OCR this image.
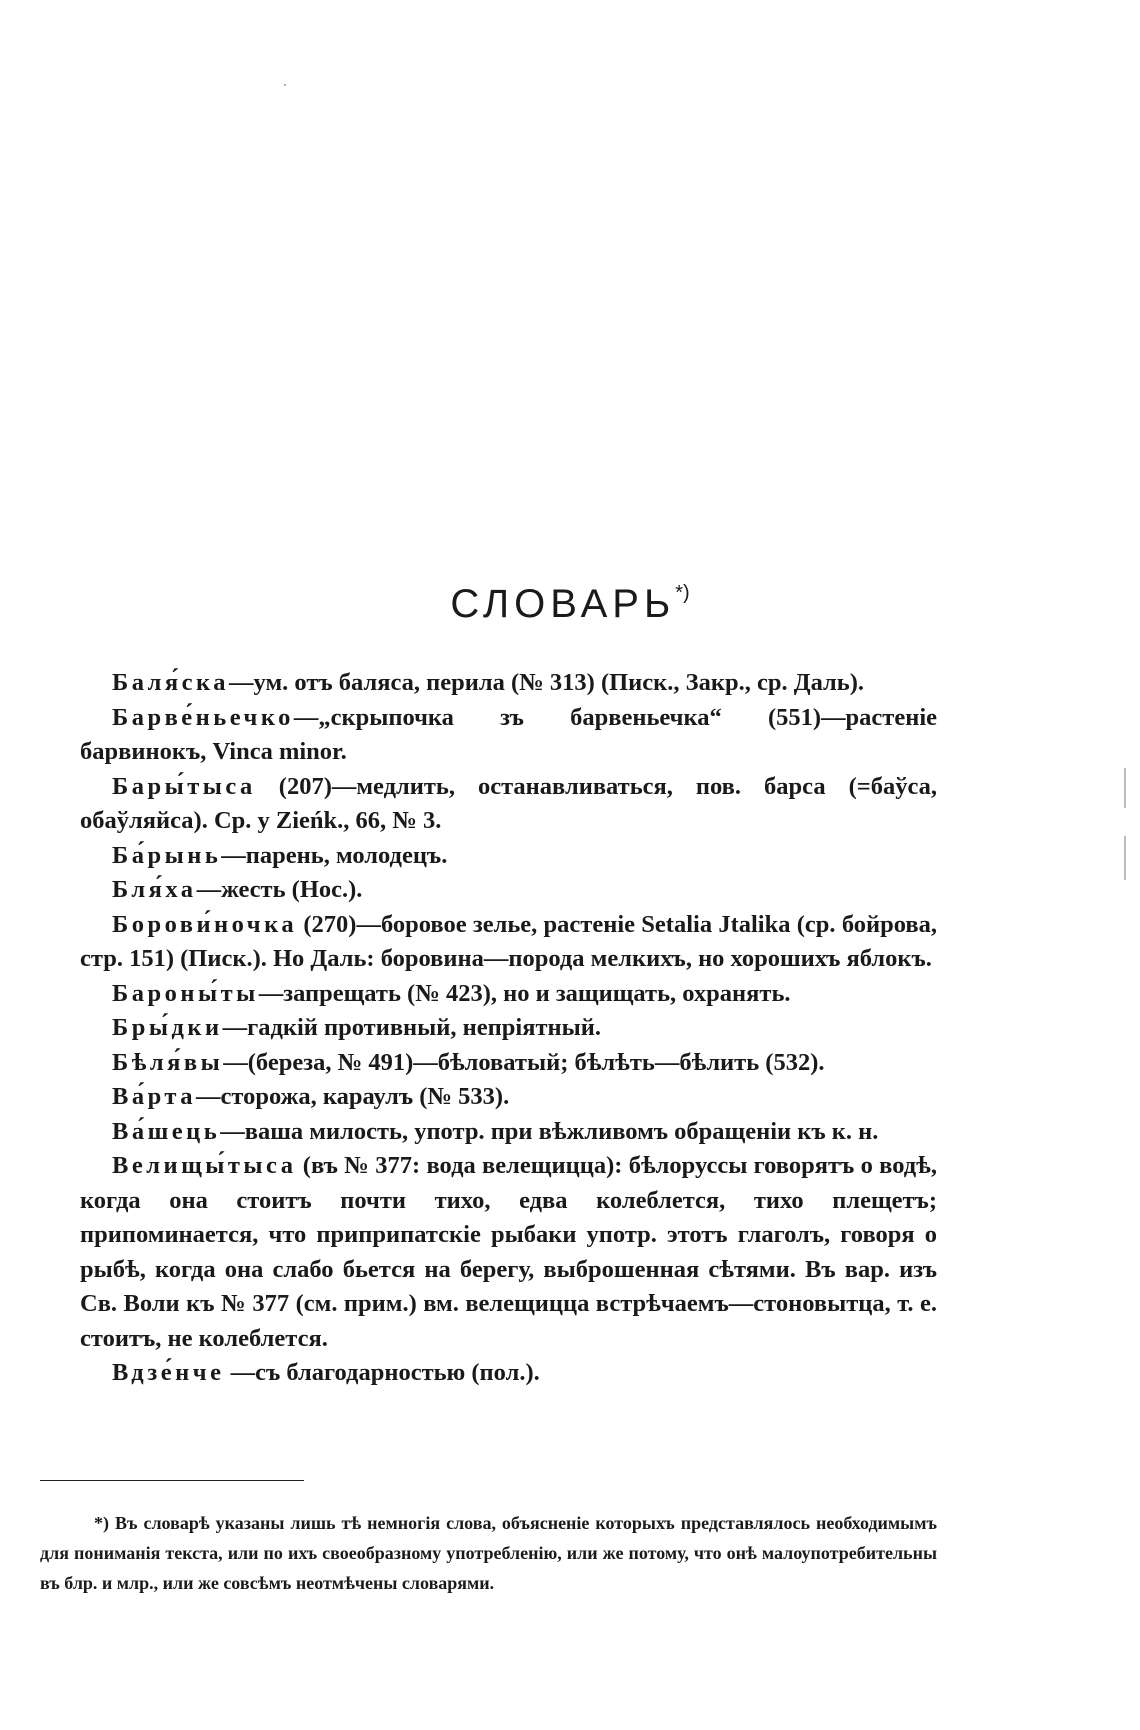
СЛОВАРЬ*)

Баля́ска—ум. отъ баляса, перила (№ 313) (Писк., Закр., ср. Даль).

Барве́ньечко—„скрыпочка зъ барвеньечка“ (551)—растеніе барвинокъ, Vinca minor.

Бары́тыса (207)—медлить, останавливаться, пов. барса (=баўса, обаўляйса). Ср. у Zieńk., 66, № 3.

Ба́рынь—парень, молодецъ.

Бля́ха—жесть (Нос.).

Борови́ночка (270)—боровое зелье, растеніе Setalia Jtalika (ср. бойрова, стр. 151) (Писк.). Но Даль: боровина—порода мелкихъ, но хорошихъ яблокъ.

Бароны́ты—запрещать (№ 423), но и защищать, охранять.

Бры́дки—гадкій противный, непріятный.

Бѣля́вы—(береза, № 491)—бѣловатый; бѣлѣть—бѣлить (532).

Ва́рта—сторожа, караулъ (№ 533).

Ва́шець—ваша милость, употр. при вѣжливомъ обращеніи къ к. н.

Велищы́тыса (въ № 377: вода велещицца): бѣлоруссы говорятъ о водѣ, когда она стоитъ почти тихо, едва колеблется, тихо плещетъ; припоминается, что приприпатскіе рыбаки употр. этотъ глаголъ, говоря о рыбѣ, когда она слабо бьется на берегу, выброшенная сѣтями. Въ вар. изъ Св. Воли къ № 377 (см. прим.) вм. велещицца встрѣчаемъ—стоновытца, т. е. стоитъ, не колеблется.

Вдзе́нче —съ благодарностью (пол.).

*) Въ словарѣ указаны лишь тѣ немногія слова, объясненіе которыхъ представлялось необходимымъ для пониманія текста, или по ихъ своеобразному употребленію, или же потому, что онѣ малоупотребительны въ блр. и млр., или же совсѣмъ неотмѣчены словарями.
